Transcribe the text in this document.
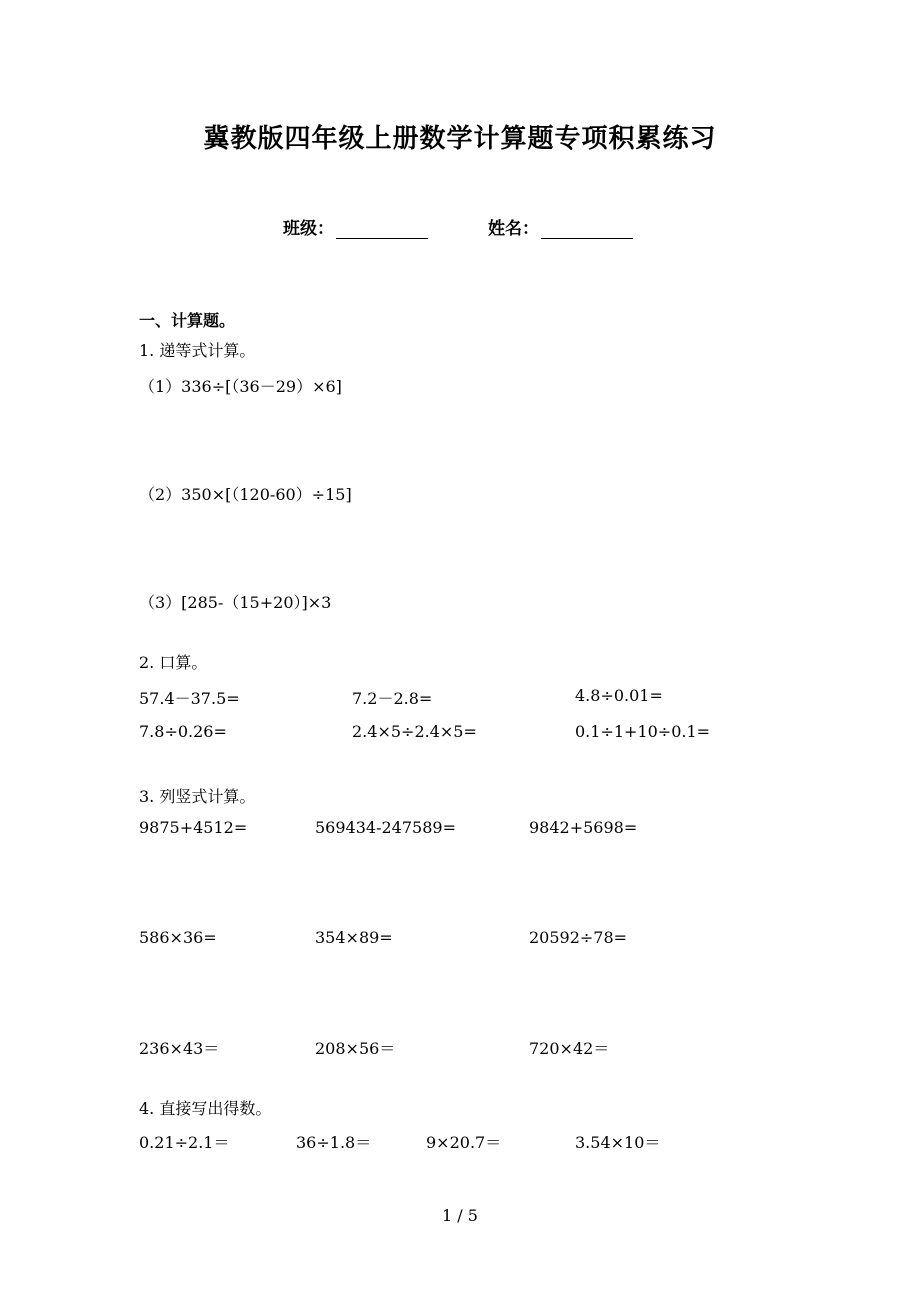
冀教版四年级上册数学计算题专项积累练习
班级：	姓名：
一、计算题。
1. 递等式计算。
（1）336÷[（36－29）×6]
（2）350×[（120-60）÷15]
（3）[285-（15+20）]×3
2. 口算。
57.4－37.5=	7.2－2.8=	4.8÷0.01=
7.8÷0.26=	2.4×5÷2.4×5=	0.1÷1+10÷0.1=
3. 列竖式计算。
9875+4512=	569434-247589=	9842+5698=
586×36=	354×89=	20592÷78=
236×43＝	208×56＝	720×42＝
4. 直接写出得数。
0.21÷2.1＝	36÷1.8＝	9×20.7＝	3.54×10＝
1 / 5
